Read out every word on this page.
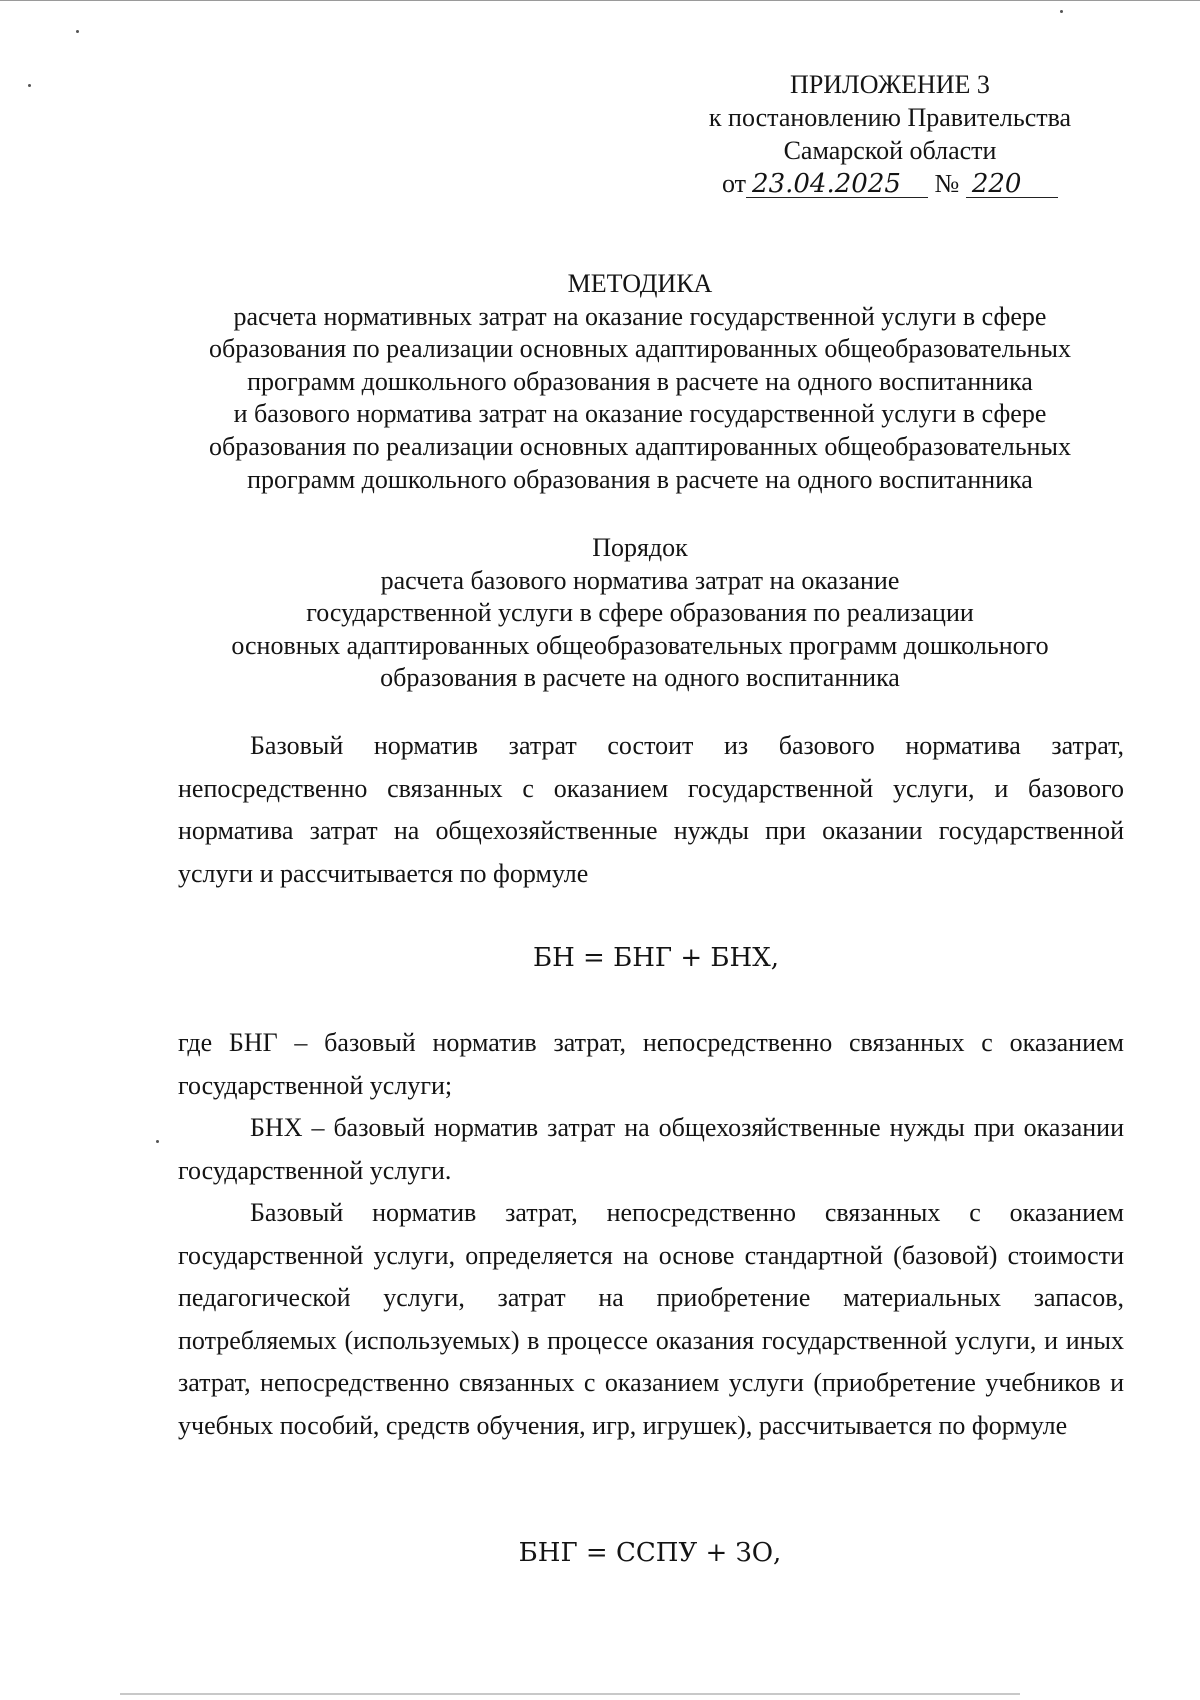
ПРИЛОЖЕНИЕ 3
к постановлению Правительства
Самарской области
от 23.04.2025 № 220
МЕТОДИКА
расчета нормативных затрат на оказание государственной услуги в сфере
образования по реализации основных адаптированных общеобразовательных
программ дошкольного образования в расчете на одного воспитанника
и базового норматива затрат на оказание государственной услуги в сфере
образования по реализации основных адаптированных общеобразовательных
программ дошкольного образования в расчете на одного воспитанника
Порядок
расчета базового норматива затрат на оказание
государственной услуги в сфере образования по реализации
основных адаптированных общеобразовательных программ дошкольного
образования в расчете на одного воспитанника

Базовый норматив затрат состоит из базового норматива затрат, непосредственно связанных с оказанием государственной услуги, и базового норматива затрат на общехозяйственные нужды при оказании государственной услуги и рассчитывается по формуле

БН = БНГ + БНХ,

где БНГ – базовый норматив затрат, непосредственно связанных с оказанием государственной услуги;

БНХ – базовый норматив затрат на общехозяйственные нужды при оказании государственной услуги.

Базовый норматив затрат, непосредственно связанных с оказанием государственной услуги, определяется на основе стандартной (базовой) стоимости педагогической услуги, затрат на приобретение материальных запасов, потребляемых (используемых) в процессе оказания государственной услуги, и иных затрат, непосредственно связанных с оказанием услуги (приобретение учебников и учебных пособий, средств обучения, игр, игрушек), рассчитывается по формуле

БНГ = ССПУ + ЗО,
